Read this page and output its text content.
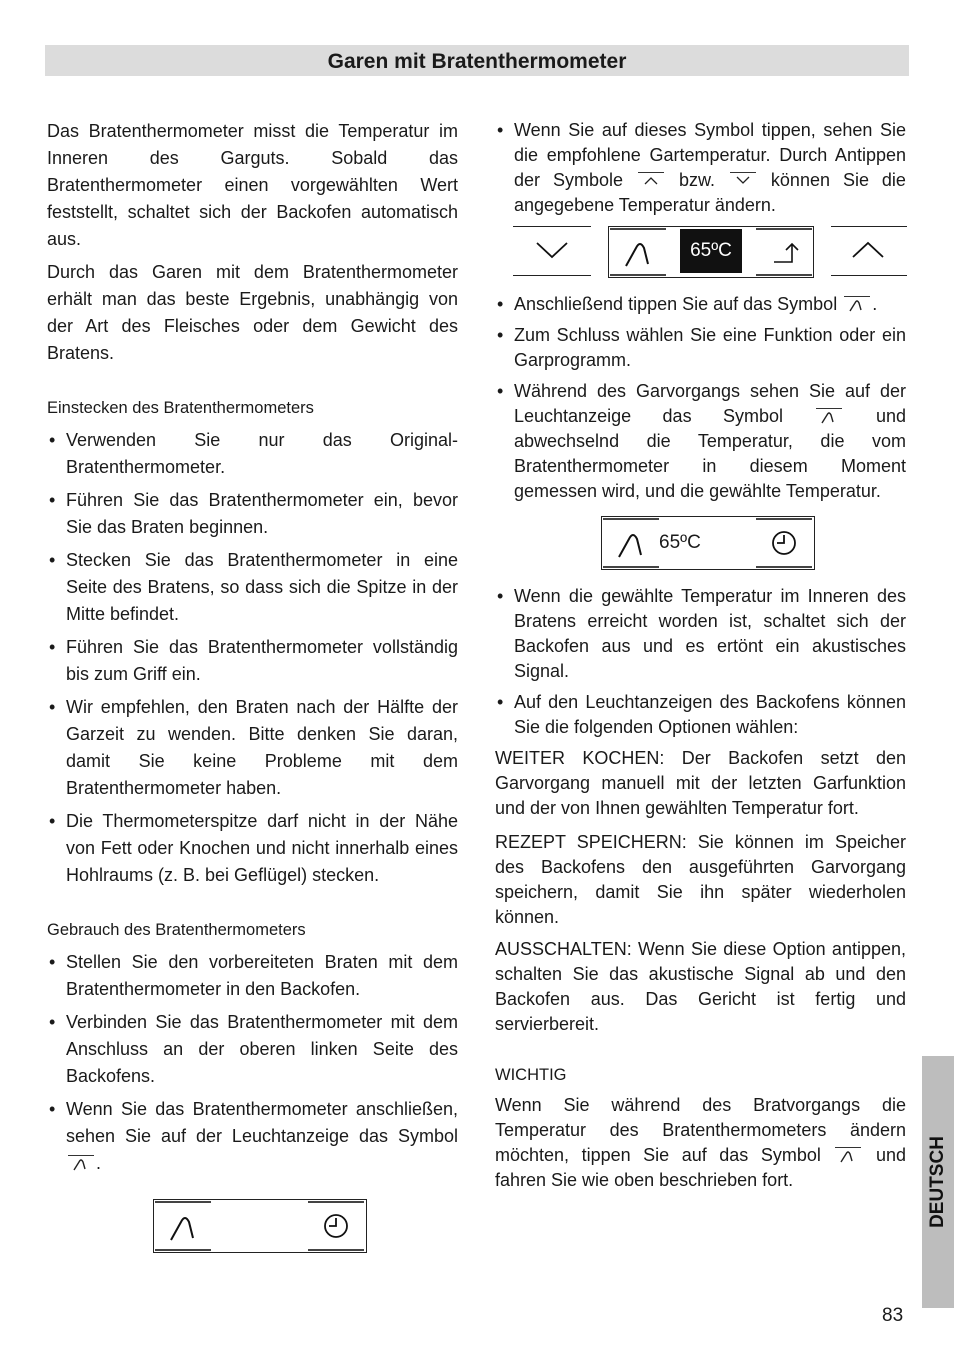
Garen mit Bratenthermometer

Das Bratenthermometer misst die Temperatur im Inneren des Garguts. Sobald das Bratenthermometer einen vorgewählten Wert feststellt, schaltet sich der Backofen automatisch aus.

Durch das Garen mit dem Bratenthermometer erhält man das beste Ergebnis, unabhängig von der Art des Fleisches oder dem Gewicht des Bratens.

Einstecken des Bratenthermometers
• Verwenden Sie nur das Original-Bratenthermometer.
• Führen Sie das Bratenthermometer ein, bevor Sie das Braten beginnen.
• Stecken Sie das Bratenthermometer in eine Seite des Bratens, so dass sich die Spitze in der Mitte befindet.
• Führen Sie das Bratenthermometer vollständig bis zum Griff ein.
• Wir empfehlen, den Braten nach der Hälfte der Garzeit zu wenden. Bitte denken Sie daran, damit Sie keine Probleme mit dem Bratenthermometer haben.
• Die Thermometerspitze darf nicht in der Nähe von Fett oder Knochen und nicht innerhalb eines Hohlraums (z. B. bei Geflügel) stecken.
Gebrauch des Bratenthermometers
• Stellen Sie den vorbereiteten Braten mit dem Bratenthermometer in den Backofen.
• Verbinden Sie das Bratenthermometer mit dem Anschluss an der oberen linken Seite des Backofens.
• Wenn Sie das Bratenthermometer anschließen, sehen Sie auf der Leuchtanzeige das Symbol
.
• Wenn Sie auf dieses Symbol tippen, sehen Sie die empfohlene Gartemperatur. Durch Antippen der Symbole	bzw.	können Sie die angegebene Temperatur ändern.
65ºC
• Anschließend tippen Sie auf das Symbol .
• Zum Schluss wählen Sie eine Funktion oder ein Garprogramm.
• Während des Garvorgangs sehen Sie auf der Leuchtanzeige das Symbol	und abwechselnd die Temperatur, die vom Bratenthermometer in diesem Moment gemessen wird, und die gewählte Temperatur.
65ºC
• Wenn die gewählte Temperatur im Inneren des Bratens erreicht worden ist, schaltet sich der Backofen aus und es ertönt ein akustisches Signal.
• Auf den Leuchtanzeigen des Backofens können Sie die folgenden Optionen wählen:

WEITER KOCHEN: Der Backofen setzt den Garvorgang manuell mit der letzten Garfunktion und der von Ihnen gewählten Temperatur fort.

REZEPT SPEICHERN: Sie können im Speicher des Backofens den ausgeführten Garvorgang speichern, damit Sie ihn später wiederholen können.

AUSSCHALTEN: Wenn Sie diese Option antippen, schalten Sie das akustische Signal ab und den Backofen aus. Das Gericht ist fertig und servierbereit.

WICHTIG

Wenn Sie während des Bratvorgangs die Temperatur des Bratenthermometers ändern möchten, tippen Sie auf das Symbol	und fahren Sie wie oben beschrieben fort.	DEUTSCH
83
